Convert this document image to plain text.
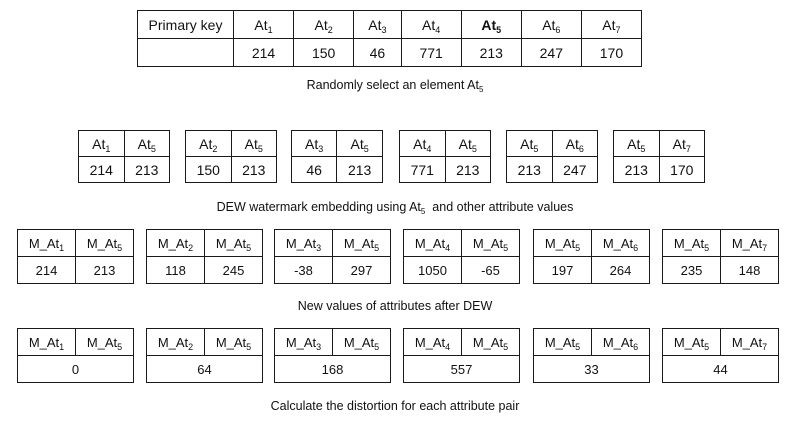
Primary key	$At_1$	$At_2$	$At_3$	$At_4$	$At_5$	$At_6$	$At_7$
	214	150	46	771	213	247	170
Randomly select an element $At_5$
$At_1$	$At_5$
214	213
$At_2$	$At_5$
150	213
$At_3$	$At_5$
46	213
$At_4$	$At_5$
771	213
$At_5$	$At_6$
213	247
$At_5$	$At_7$
213	170
DEW watermark embedding using $At_5$  and other attribute values
$M\_At_1$	$M\_At_5$
214	213
$M\_At_2$	$M\_At_5$
118	245
$M\_At_3$	$M\_At_5$
-38	297
$M\_At_4$	$M\_At_5$
1050	-65
$M\_At_5$	$M\_At_6$
197	264
$M\_At_5$	$M\_At_7$
235	148
New values of attributes after DEW
$M\_At_1$	$M\_At_5$
0
$M\_At_2$	$M\_At_5$
64
$M\_At_3$	$M\_At_5$
168
$M\_At_4$	$M\_At_5$
557
$M\_At_5$	$M\_At_6$
33
$M\_At_5$	$M\_At_7$
44
Calculate the distortion for each attribute pair
